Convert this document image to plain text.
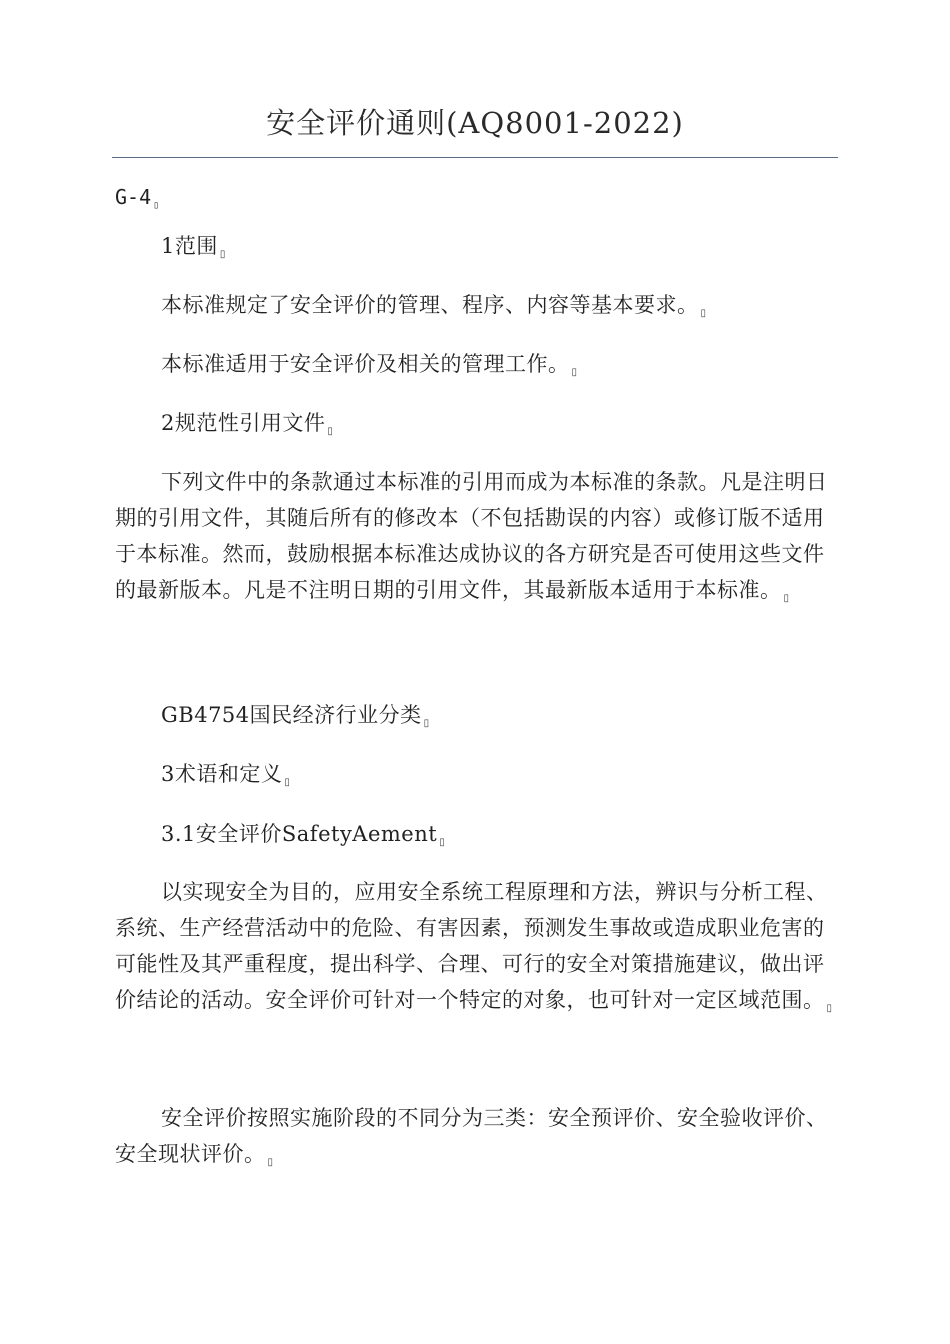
安全评价通则(AQ8001-2022)
G-4 $_▯$
1范围 ▯
本标准规定了安全评价的管理、程序、内容等基本要求。 ▯
本标准适用于安全评价及相关的管理工作。 ▯
2规范性引用文件 ▯
下列文件中的条款通过本标准的引用而成为本标准的条款。凡是注明日期的引用文件，其随后所有的修改本（不包括勘误的内容）或修订版不适用于本标准。然而，鼓励根据本标准达成协议的各方研究是否可使用这些文件的最新版本。凡是不注明日期的引用文件，其最新版本适用于本标准。 ▯
GB4754国民经济行业分类 ▯
3术语和定义 ▯
3.1安全评价SafetyAement ▯
以实现安全为目的，应用安全系统工程原理和方法，辨识与分析工程、系统、生产经营活动中的危险、有害因素，预测发生事故或造成职业危害的可能性及其严重程度，提出科学、合理、可行的安全对策措施建议，做出评价结论的活动。安全评价可针对一个特定的对象，也可针对一定区域范围。 ▯
安全评价按照实施阶段的不同分为三类：安全预评价、安全验收评价、安全现状评价。 ▯
